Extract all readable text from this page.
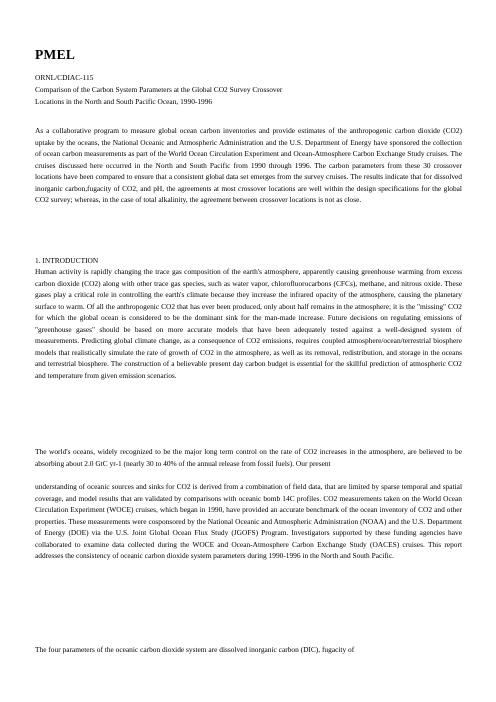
PMEL
ORNL/CDIAC-115
Comparison of the Carbon System Parameters at the Global CO2 Survey Crossover
Locations in the North and South Pacific Ocean, 1990-1996
As a collaborative program to measure global ocean carbon inventories and provide estimates of the anthropogenic carbon dioxide (CO2) uptake by the oceans, the National Oceanic and Atmospheric Administration and the U.S. Department of Energy have sponsored the collection of ocean carbon measurements as part of the World Ocean Circulation Experiment and Ocean-Atmosphere Carbon Exchange Study cruises. The cruises discussed here occurred in the North and South Pacific from 1990 through 1996. The carbon parameters from these 30 crossover locations have been compared to ensure that a consistent global data set emerges from the survey cruises. The results indicate that for dissolved inorganic carbon,fugacity of CO2, and pH, the agreements at most crossover locations are well within the design specifications for the global CO2 survey; whereas, in the case of total alkalinity, the agreement between crossover locations is not as close.
1. INTRODUCTION
Human activity is rapidly changing the trace gas composition of the earth's atmosphere, apparently causing greenhouse warming from excess carbon dioxide (CO2) along with other trace gas species, such as water vapor, chlorofluorocarbons (CFCs), methane, and nitrous oxide. These gases play a critical role in controlling the earth's climate because they increase the infrared opacity of the atmosphere, causing the planetary surface to warm. Of all the anthropogenic CO2 that has ever been produced, only about half remains in the atmosphere; it is the "missing" CO2 for which the global ocean is considered to be the dominant sink for the man-made increase. Future decisions on regulating emissions of "greenhouse gases" should be based on more accurate models that have been adequately tested against a well-designed system of measurements. Predicting global climate change, as a consequence of CO2 emissions, requires coupled atmosphere/ocean/terrestrial biosphere models that realistically simulate the rate of growth of CO2 in the atmosphere, as well as its removal, redistribution, and storage in the oceans and terrestrial biosphere. The construction of a believable present day carbon budget is essential for the skillful prediction of atmospheric CO2 and temperature from given emission scenarios.
The world's oceans, widely recognized to be the major long term control on the rate of CO2 increases in the atmosphere, are believed to be absorbing about 2.0 GtC yr-1 (nearly 30 to 40% of the annual release from fossil fuels). Our present
understanding of oceanic sources and sinks for CO2 is derived from a combination of field data, that are limited by sparse temporal and spatial coverage, and model results that are validated by comparisons with oceanic bomb 14C profiles. CO2 measurements taken on the World Ocean Circulation Experiment (WOCE) cruises, which began in 1990, have provided an accurate benchmark of the ocean inventory of CO2 and other properties. These measurements were cosponsored by the National Oceanic and Atmospheric Administration (NOAA) and the U.S. Department of Energy (DOE) via the U.S. Joint Global Ocean Flux Study (JGOFS) Program. Investigators supported by these funding agencies have collaborated to examine data collected during the WOCE and Ocean-Atmosphere Carbon Exchange Study (OACES) cruises. This report addresses the consistency of oceanic carbon dioxide system parameters during 1990-1996 in the North and South Pacific.
The four parameters of the oceanic carbon dioxide system are dissolved inorganic carbon (DIC), fugacity of
